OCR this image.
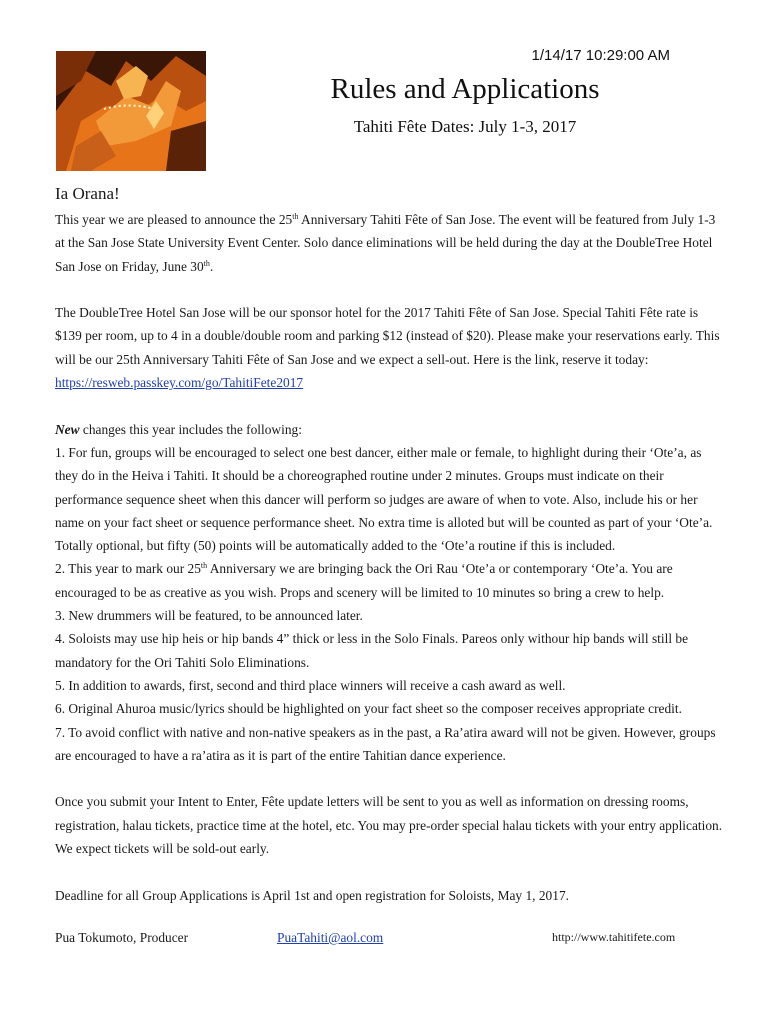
1/14/17 10:29:00 AM
Rules and Applications
Tahiti Fête Dates: July 1-3, 2017
Ia Orana!

This year we are pleased to announce the 25th Anniversary Tahiti Fête of San Jose. The event will be featured from July 1-3 at the San Jose State University Event Center. Solo dance eliminations will be held during the day at the DoubleTree Hotel San Jose on Friday, June 30th.

The DoubleTree Hotel San Jose will be our sponsor hotel for the 2017 Tahiti Fête of San Jose. Special Tahiti Fête rate is $139 per room, up to 4 in a double/double room and parking $12 (instead of $20). Please make your reservations early. This will be our 25th Anniversary Tahiti Fête of San Jose and we expect a sell-out. Here is the link, reserve it today: https://resweb.passkey.com/go/TahitiFete2017

New changes this year includes the following:

1. For fun, groups will be encouraged to select one best dancer, either male or female, to highlight during their ‘Ote’a, as they do in the Heiva i Tahiti. It should be a choreographed routine under 2 minutes. Groups must indicate on their performance sequence sheet when this dancer will perform so judges are aware of when to vote. Also, include his or her name on your fact sheet or sequence performance sheet. No extra time is alloted but will be counted as part of your ‘Ote’a. Totally optional, but fifty (50) points will be automatically added to the ‘Ote’a routine if this is included.

2. This year to mark our 25th Anniversary we are bringing back the Ori Rau ‘Ote’a or contemporary ‘Ote’a. You are encouraged to be as creative as you wish. Props and scenery will be limited to 10 minutes so bring a crew to help.

3. New drummers will be featured, to be announced later.

4. Soloists may use hip heis or hip bands 4” thick or less in the Solo Finals. Pareos only withour hip bands will still be mandatory for the Ori Tahiti Solo Eliminations.

5. In addition to awards, first, second and third place winners will receive a cash award as well.

6. Original Ahuroa music/lyrics should be highlighted on your fact sheet so the composer receives appropriate credit.

7. To avoid conflict with native and non-native speakers as in the past, a Ra’atira award will not be given. However, groups are encouraged to have a ra’atira as it is part of the entire Tahitian dance experience.

Once you submit your Intent to Enter, Fête update letters will be sent to you as well as information on dressing rooms, registration, halau tickets, practice time at the hotel, etc. You may pre-order special halau tickets with your entry application. We expect tickets will be sold-out early.

Deadline for all Group Applications is April 1st and open registration for Soloists, May 1, 2017.

Pua Tokumoto, Producer	PuaTahiti@aol.com	http://www.tahitifete.com
